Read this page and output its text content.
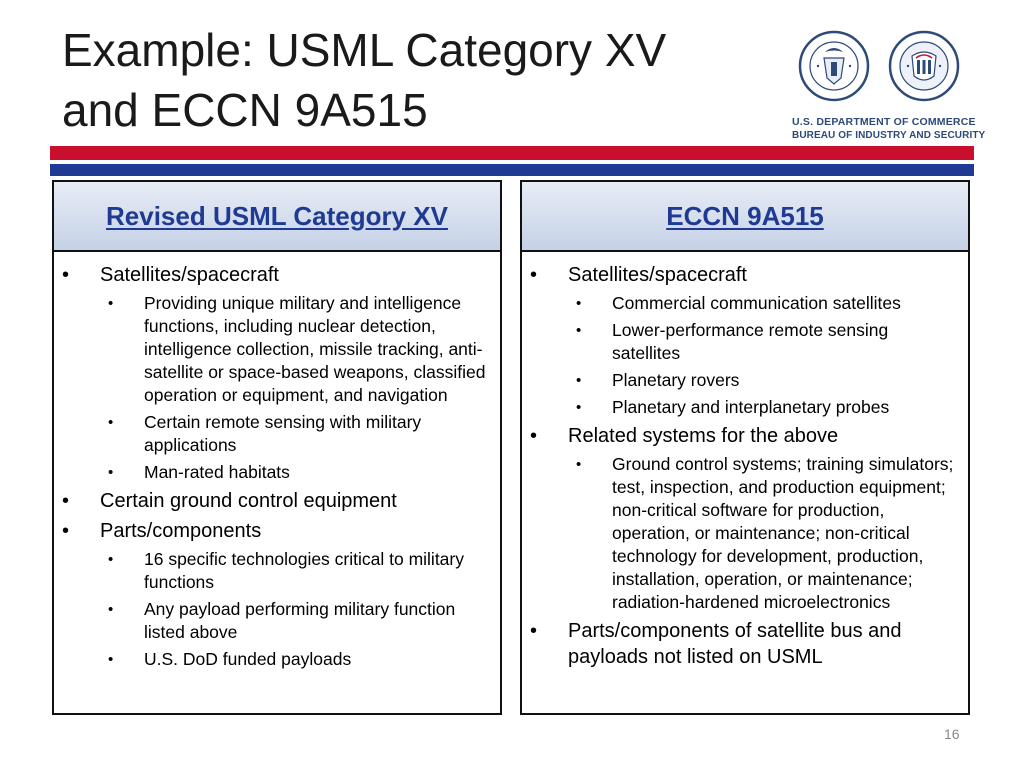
Example: USML Category XV
and ECCN 9A515	U.S. DEPARTMENT OF COMMERCE
BUREAU OF INDUSTRY AND SECURITY
Revised USML Category XV
• Satellites/spacecraft
• Providing unique military and intelligence functions, including nuclear detection, intelligence collection, missile tracking, anti-satellite or space-based weapons, classified operation or equipment, and navigation
• Certain remote sensing with military applications
• Man-rated habitats
• Certain ground control equipment
• Parts/components
• 16 specific technologies critical to military functions
• Any payload performing military function listed above
• U.S. DoD funded payloads
ECCN 9A515
• Satellites/spacecraft
• Commercial communication satellites
• Lower-performance remote sensing satellites
• Planetary rovers
• Planetary and interplanetary probes
• Related systems for the above
• Ground control systems; training simulators; test, inspection, and production equipment; non-critical software for production, operation, or maintenance; non-critical technology for development, production, installation, operation, or maintenance; radiation-hardened microelectronics
• Parts/components of satellite bus and payloads not listed on USML
16
